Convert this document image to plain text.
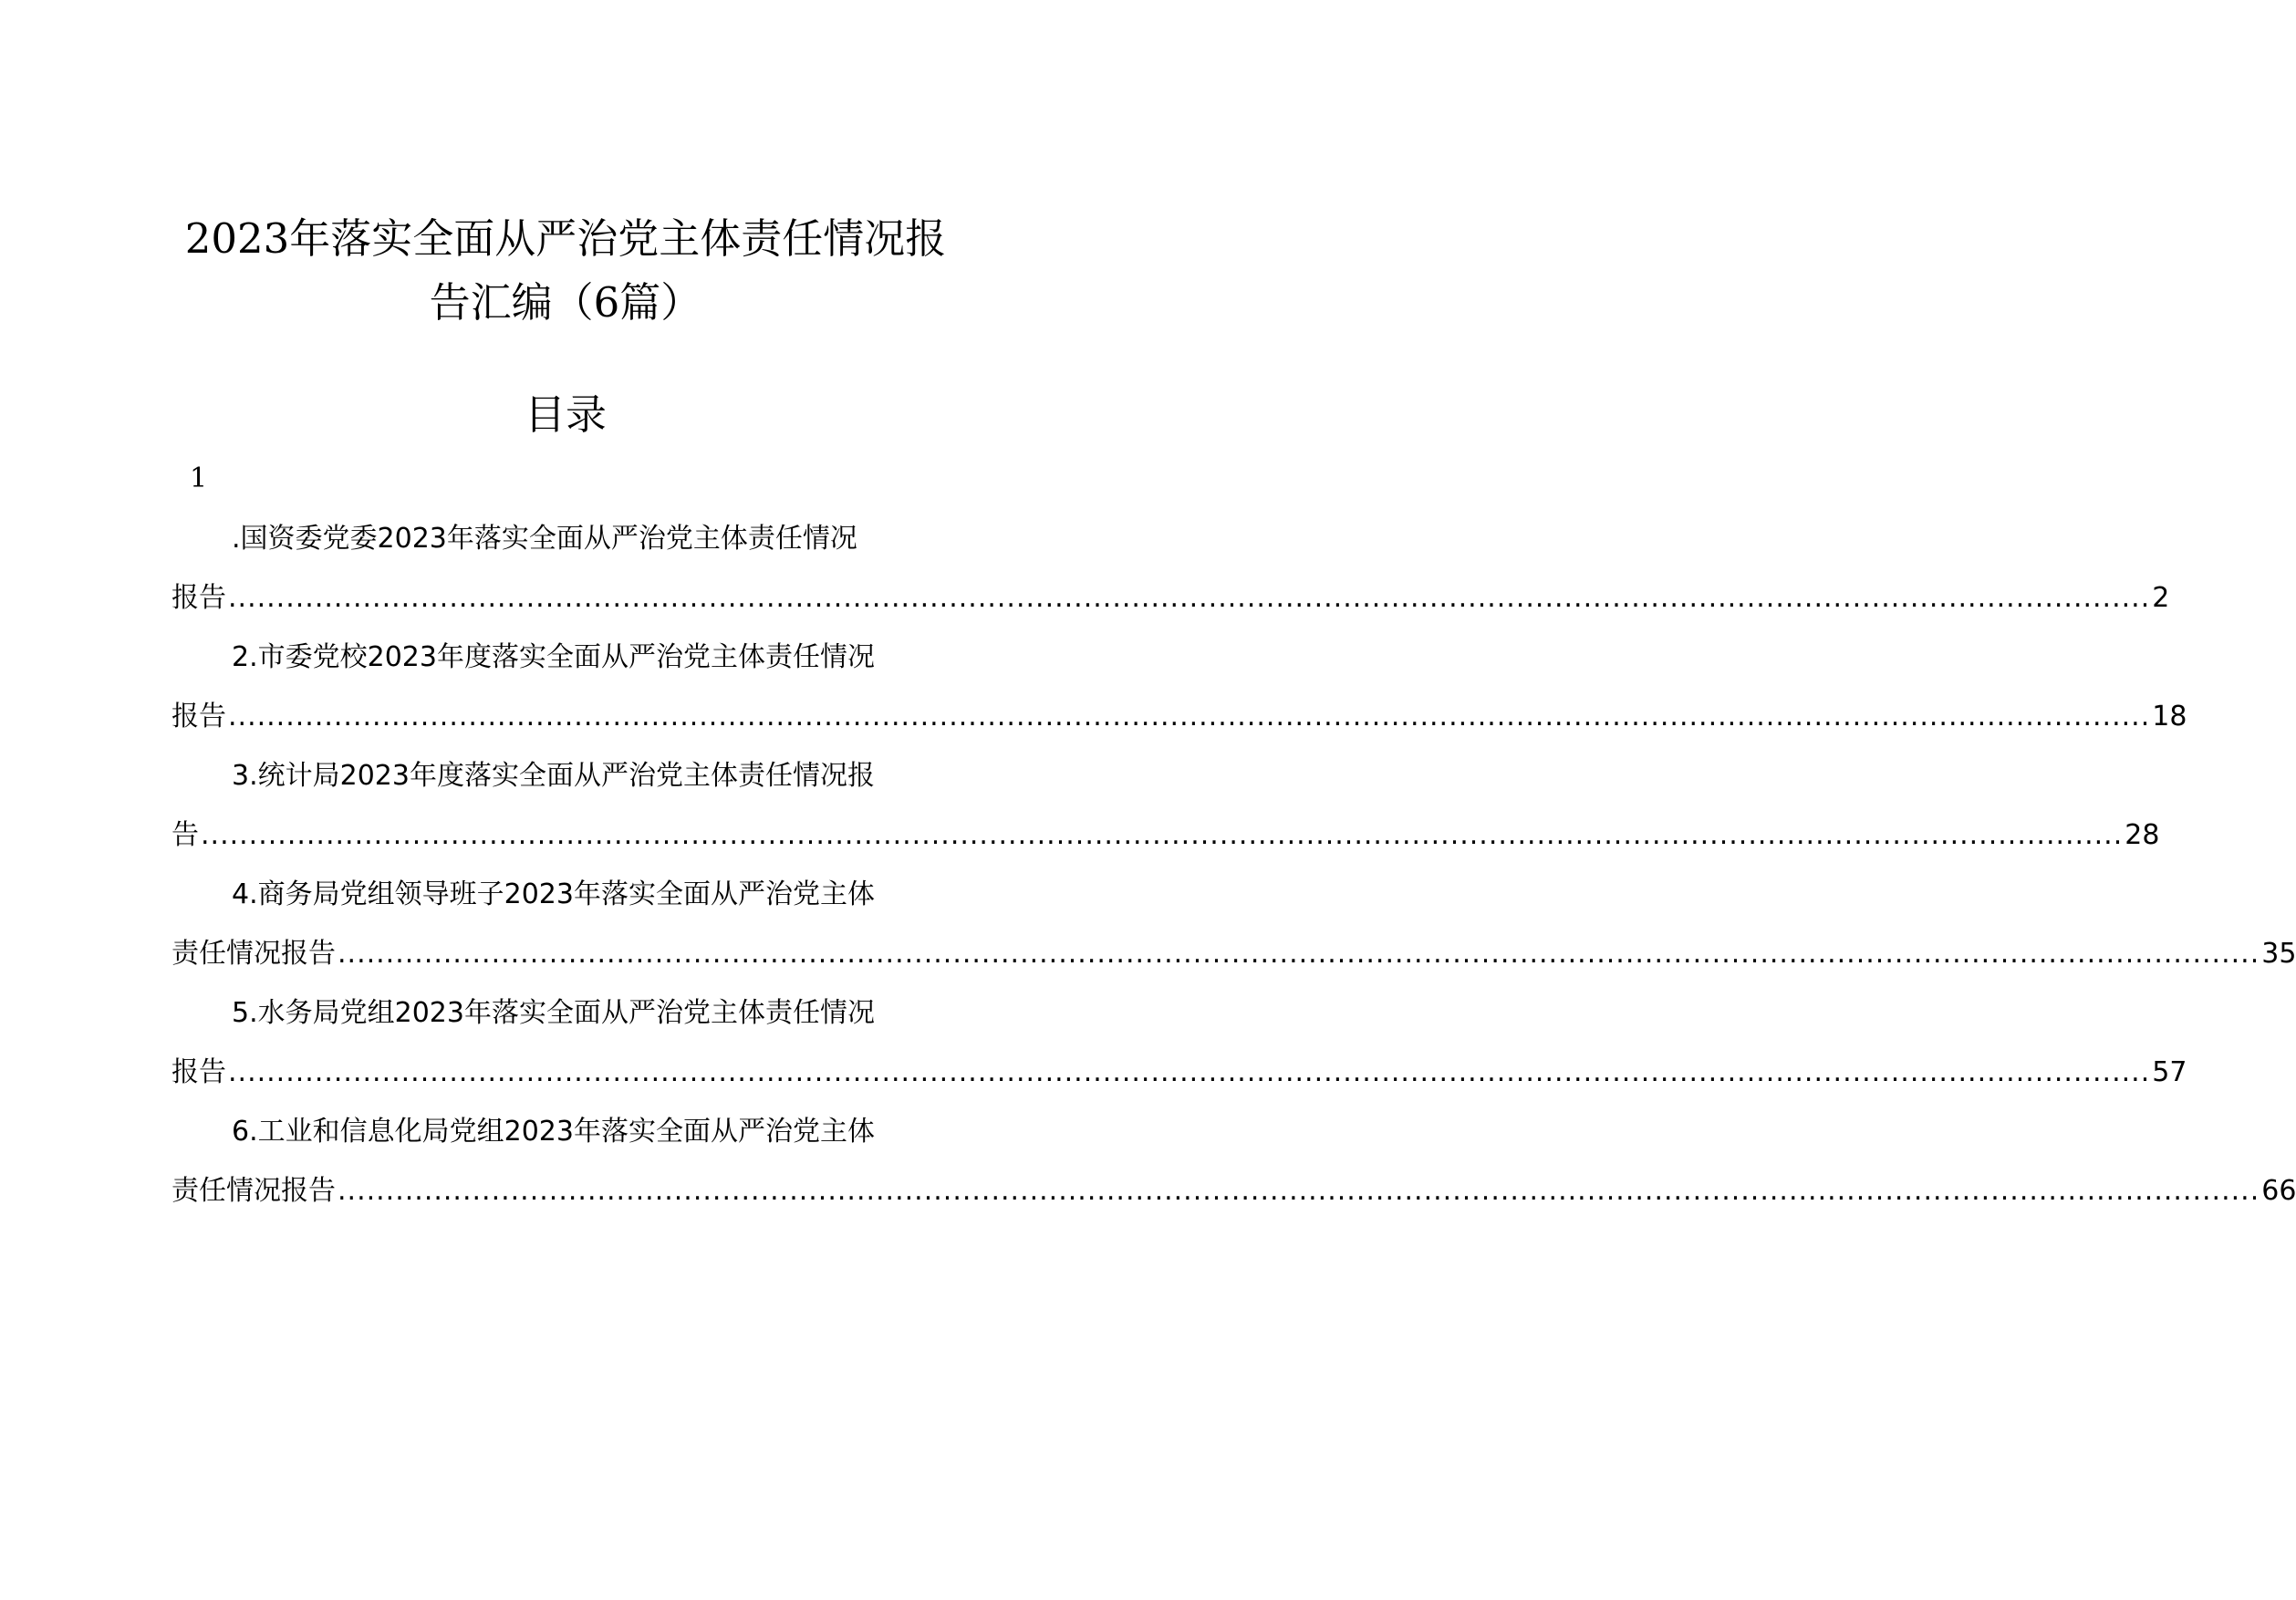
2023年落实全面从严治党主体责任情况报
告汇编（6篇）
目录
1
.国资委党委2023年落实全面从严治党主体责任情况
报告 ........................................................................................................................................................................................................ 2
2.市委党校2023年度落实全面从严治党主体责任情况
报告 ........................................................................................................................................................................................................ 18
3.统计局2023年度落实全面从严治党主体责任情况报
告 ........................................................................................................................................................................................................ 28
4.商务局党组领导班子2023年落实全面从严治党主体
责任情况报告 ........................................................................................................................................................................................................ 35
5.水务局党组2023年落实全面从严治党主体责任情况
报告 ........................................................................................................................................................................................................ 57
6.工业和信息化局党组2023年落实全面从严治党主体
责任情况报告 ........................................................................................................................................................................................................ 66
